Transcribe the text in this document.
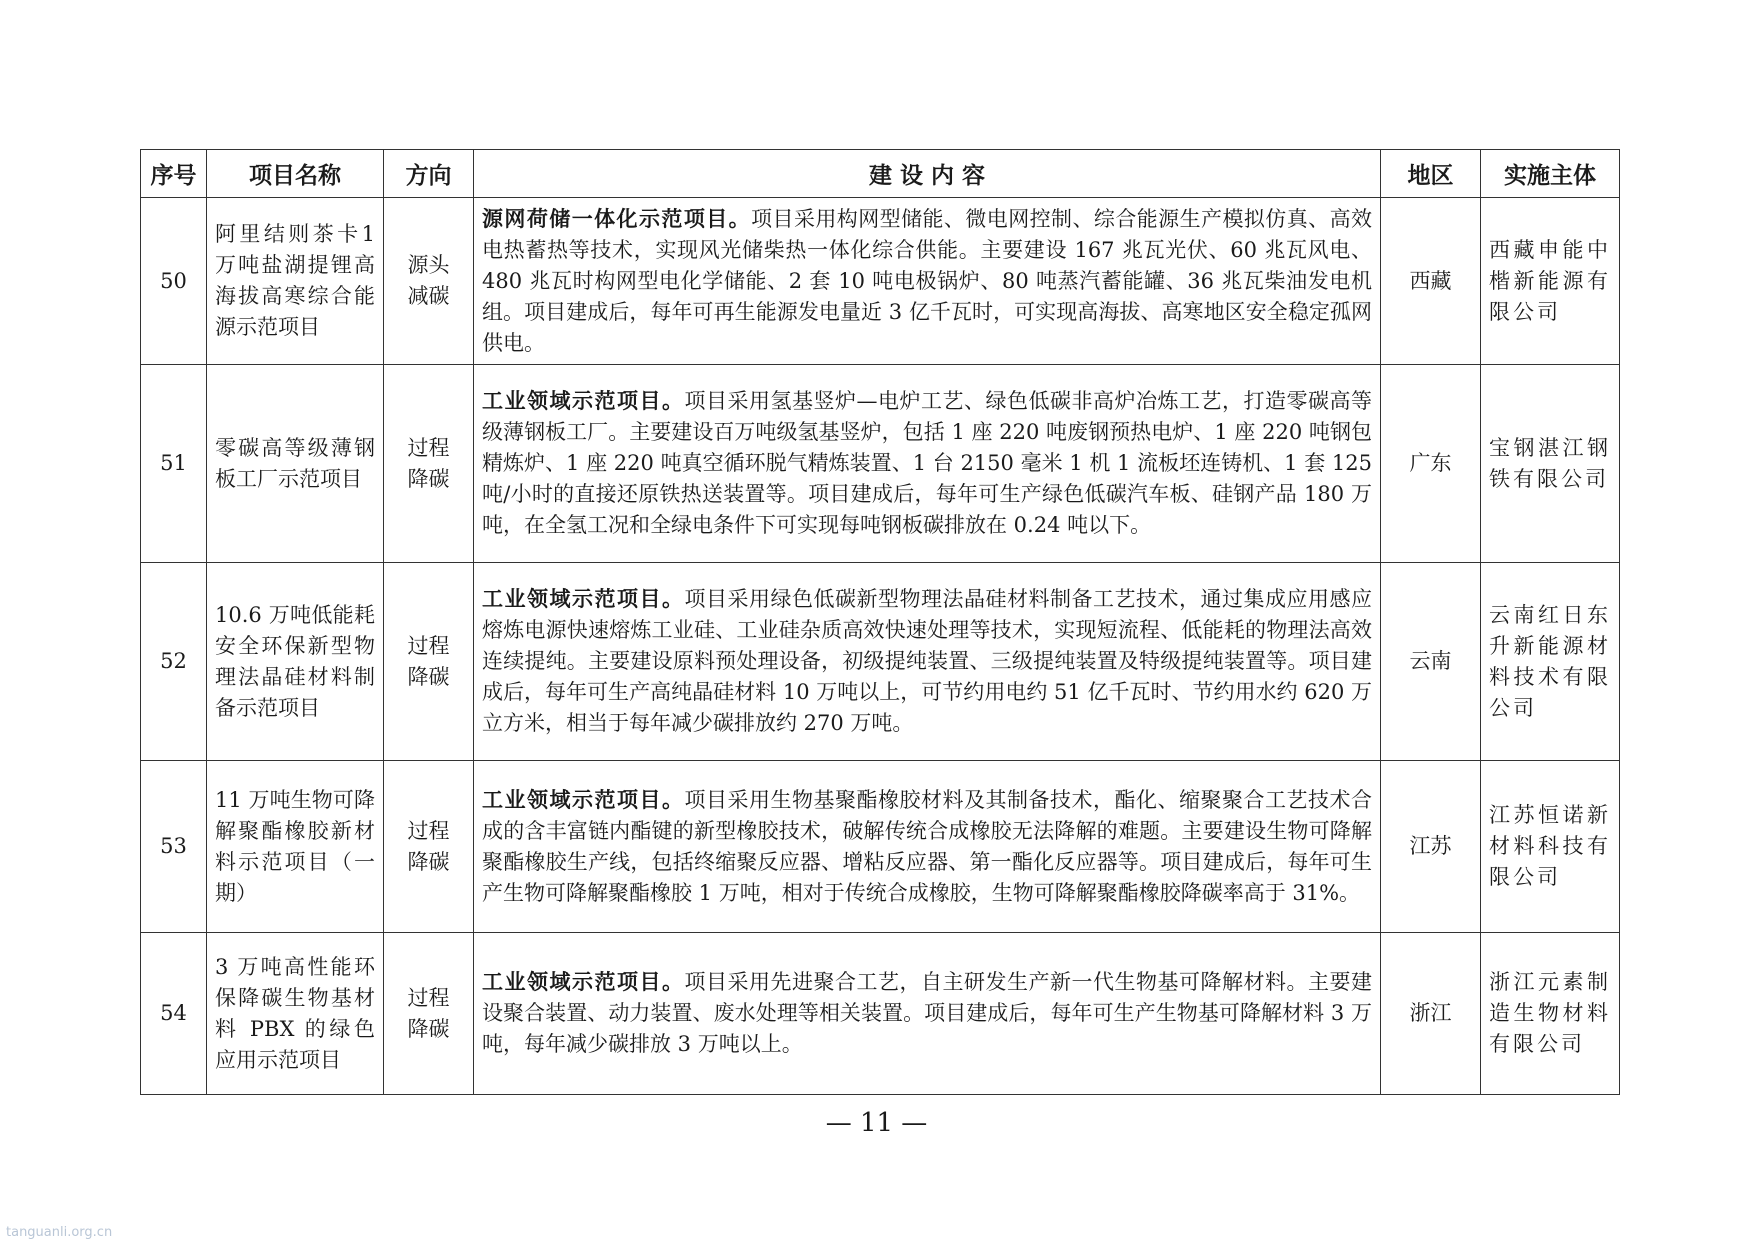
序号	项目名称	方向	建 设 内 容	地区	实施主体
50	阿里结则茶卡1万吨盐湖提锂高海拔高寒综合能源示范项目	源头减碳	源网荷储一体化示范项目。项目采用构网型储能、微电网控制、综合能源生产模拟仿真、高效电热蓄热等技术，实现风光储柴热一体化综合供能。主要建设 167 兆瓦光伏、60 兆瓦风电、480 兆瓦时构网型电化学储能、2 套 10 吨电极锅炉、80 吨蒸汽蓄能罐、36 兆瓦柴油发电机组。项目建成后，每年可再生能源发电量近 3 亿千瓦时，可实现高海拔、高寒地区安全稳定孤网供电。	西藏	西藏申能中楷新能源有限公司
51	零碳高等级薄钢板工厂示范项目	过程降碳	工业领域示范项目。项目采用氢基竖炉—电炉工艺、绿色低碳非高炉冶炼工艺，打造零碳高等级薄钢板工厂。主要建设百万吨级氢基竖炉，包括 1 座 220 吨废钢预热电炉、1 座 220 吨钢包精炼炉、1 座 220 吨真空循环脱气精炼装置、1 台 2150 毫米 1 机 1 流板坯连铸机、1 套 125 吨/小时的直接还原铁热送装置等。项目建成后，每年可生产绿色低碳汽车板、硅钢产品 180 万吨，在全氢工况和全绿电条件下可实现每吨钢板碳排放在 0.24 吨以下。	广东	宝钢湛江钢铁有限公司
52	10.6 万吨低能耗安全环保新型物理法晶硅材料制备示范项目	过程降碳	工业领域示范项目。项目采用绿色低碳新型物理法晶硅材料制备工艺技术，通过集成应用感应熔炼电源快速熔炼工业硅、工业硅杂质高效快速处理等技术，实现短流程、低能耗的物理法高效连续提纯。主要建设原料预处理设备，初级提纯装置、三级提纯装置及特级提纯装置等。项目建成后，每年可生产高纯晶硅材料 10 万吨以上，可节约用电约 51 亿千瓦时、节约用水约 620 万立方米，相当于每年减少碳排放约 270 万吨。	云南	云南红日东升新能源材料技术有限公司
53	11 万吨生物可降解聚酯橡胶新材料示范项目（一期）	过程降碳	工业领域示范项目。项目采用生物基聚酯橡胶材料及其制备技术，酯化、缩聚聚合工艺技术合成的含丰富链内酯键的新型橡胶技术，破解传统合成橡胶无法降解的难题。主要建设生物可降解聚酯橡胶生产线，包括终缩聚反应器、增粘反应器、第一酯化反应器等。项目建成后，每年可生产生物可降解聚酯橡胶 1 万吨，相对于传统合成橡胶，生物可降解聚酯橡胶降碳率高于 31%。	江苏	江苏恒诺新材料科技有限公司
54	3 万吨高性能环保降碳生物基材料 PBX 的绿色应用示范项目	过程降碳	工业领域示范项目。项目采用先进聚合工艺，自主研发生产新一代生物基可降解材料。主要建设聚合装置、动力装置、废水处理等相关装置。项目建成后，每年可生产生物基可降解材料 3 万吨，每年减少碳排放 3 万吨以上。	浙江	浙江元素制造生物材料有限公司
— 11 —
tanguanli.org.cn
